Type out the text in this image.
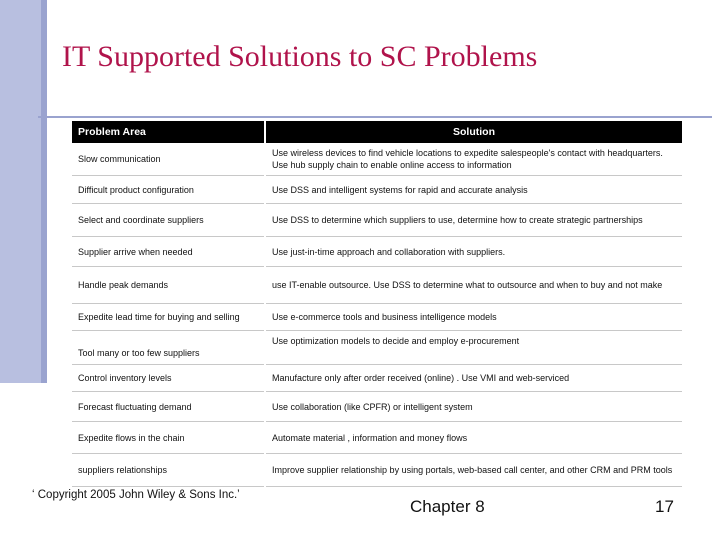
IT Supported Solutions to SC Problems
Problem Area	Solution
Slow communication	Use wireless devices to find vehicle locations to expedite salespeople's contact with headquarters. Use hub supply chain to enable online access to information
Difficult product configuration	Use DSS and intelligent systems for rapid and accurate analysis
Select and coordinate suppliers	Use DSS to determine which suppliers to use, determine how to create strategic partnerships
Supplier arrive when needed	Use just-in-time approach and collaboration with suppliers.
Handle peak demands	use IT-enable outsource. Use DSS to determine what to outsource and when to buy and not make
Expedite lead time for buying and selling	Use e-commerce tools and business intelligence models
Tool many or too few suppliers	Use optimization models to decide and employ e-procurement
Control inventory levels	Manufacture only after order received (online) . Use VMI and web-serviced
Forecast fluctuating demand	Use collaboration (like CPFR) or intelligent system
Expedite flows in the chain	Automate material , information and money flows
suppliers relationships	Improve supplier relationship by using portals, web-based call center, and other CRM and PRM tools
‘ Copyright 2005 John Wiley & Sons Inc.’
Chapter 8	17
